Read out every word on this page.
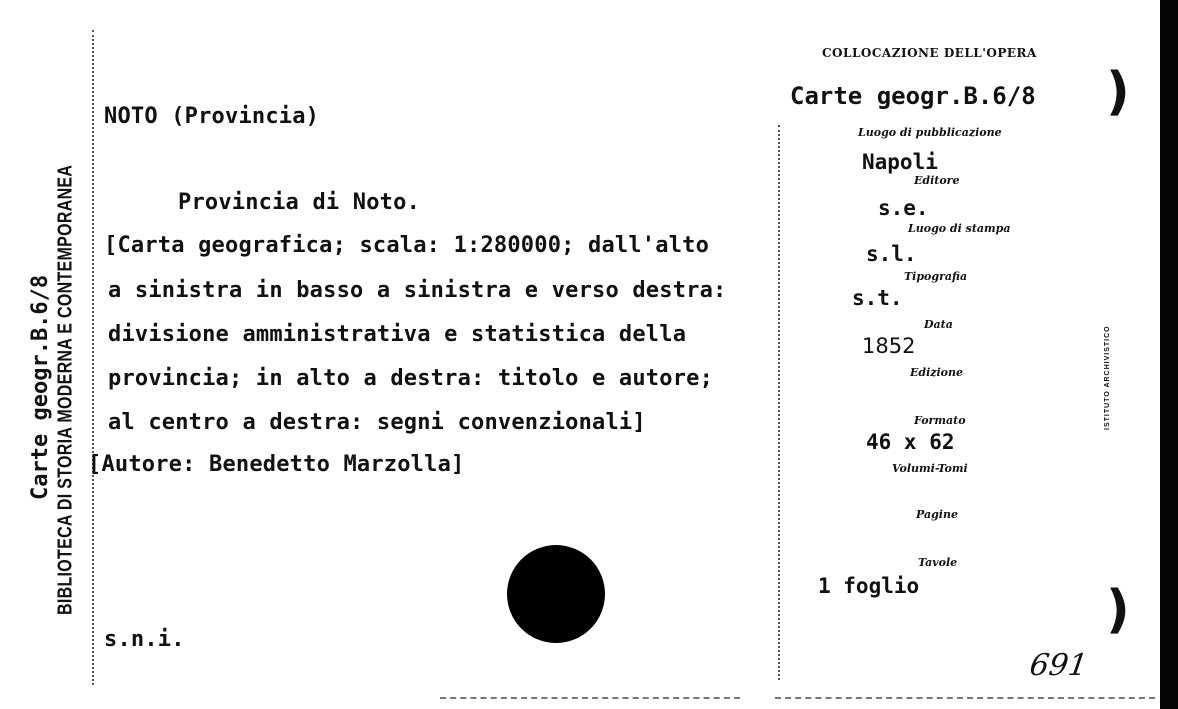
Carte geogr.B.6/8 BIBLIOTECA DI STORIA MODERNA E CONTEMPORANEA
NOTO (Provincia)
Provincia di Noto.
[Carta geografica; scala: 1:280000; dall'alto
a sinistra in basso a sinistra e verso destra:
divisione amministrativa e statistica della
provincia; in alto a destra: titolo e autore;
al centro a destra: segni convenzionali]
[Autore: Benedetto Marzolla]
s.n.i.
COLLOCAZIONE DELL'OPERA
Carte geogr.B.6/8
Luogo di pubblicazione
Napoli
Editore
s.e.
Luogo di stampa
s.l.
Tipografia
s.t.
Data
1852
Edizione
Formato
46 x 62
Volumi-Tomi
Pagine
Tavole
1 foglio
)
)
ISTITUTO ARCHIVISTICO
691
